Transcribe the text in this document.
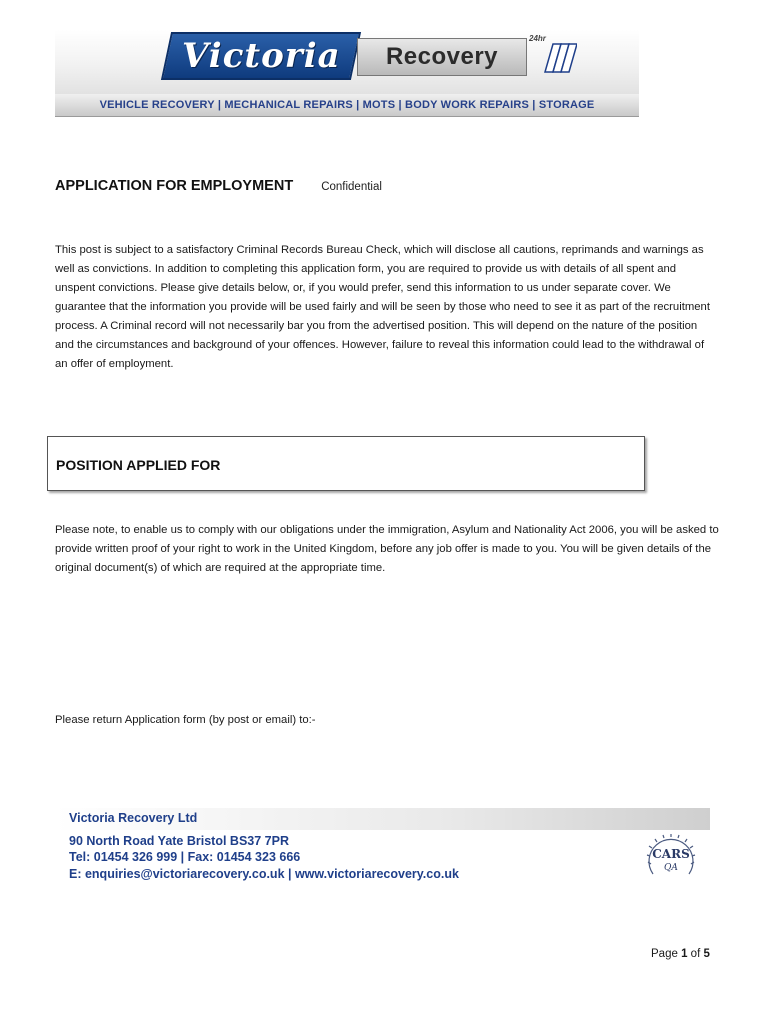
Victoria Recovery
24hr
VEHICLE RECOVERY | MECHANICAL REPAIRS | MOTS | BODY WORK REPAIRS | STORAGE
APPLICATION FOR EMPLOYMENT Confidential

This post is subject to a satisfactory Criminal Records Bureau Check, which will disclose all cautions, reprimands and warnings as well as convictions. In addition to completing this application form, you are required to provide us with details of all spent and unspent convictions. Please give details below, or, if you would prefer, send this information to us under separate cover. We guarantee that the information you provide will be used fairly and will be seen by those who need to see it as part of the recruitment process. A Criminal record will not necessarily bar you from the advertised position. This will depend on the nature of the position and the circumstances and background of your offences. However, failure to reveal this information could lead to the withdrawal of an offer of employment.

POSITION APPLIED FOR

Please note, to enable us to comply with our obligations under the immigration, Asylum and Nationality Act 2006, you will be asked to provide written proof of your right to work in the United Kingdom, before any job offer is made to you. You will be given details of the original document(s) of which are required at the appropriate time.

Please return Application form (by post or email) to:-
Victoria Recovery Ltd
90 North Road Yate Bristol BS37 7PR
Tel: 01454 326 999 | Fax: 01454 323 666
E: enquiries@victoriarecovery.co.uk | www.victoriarecovery.co.uk
CARS
QA
Page 1 of 5
